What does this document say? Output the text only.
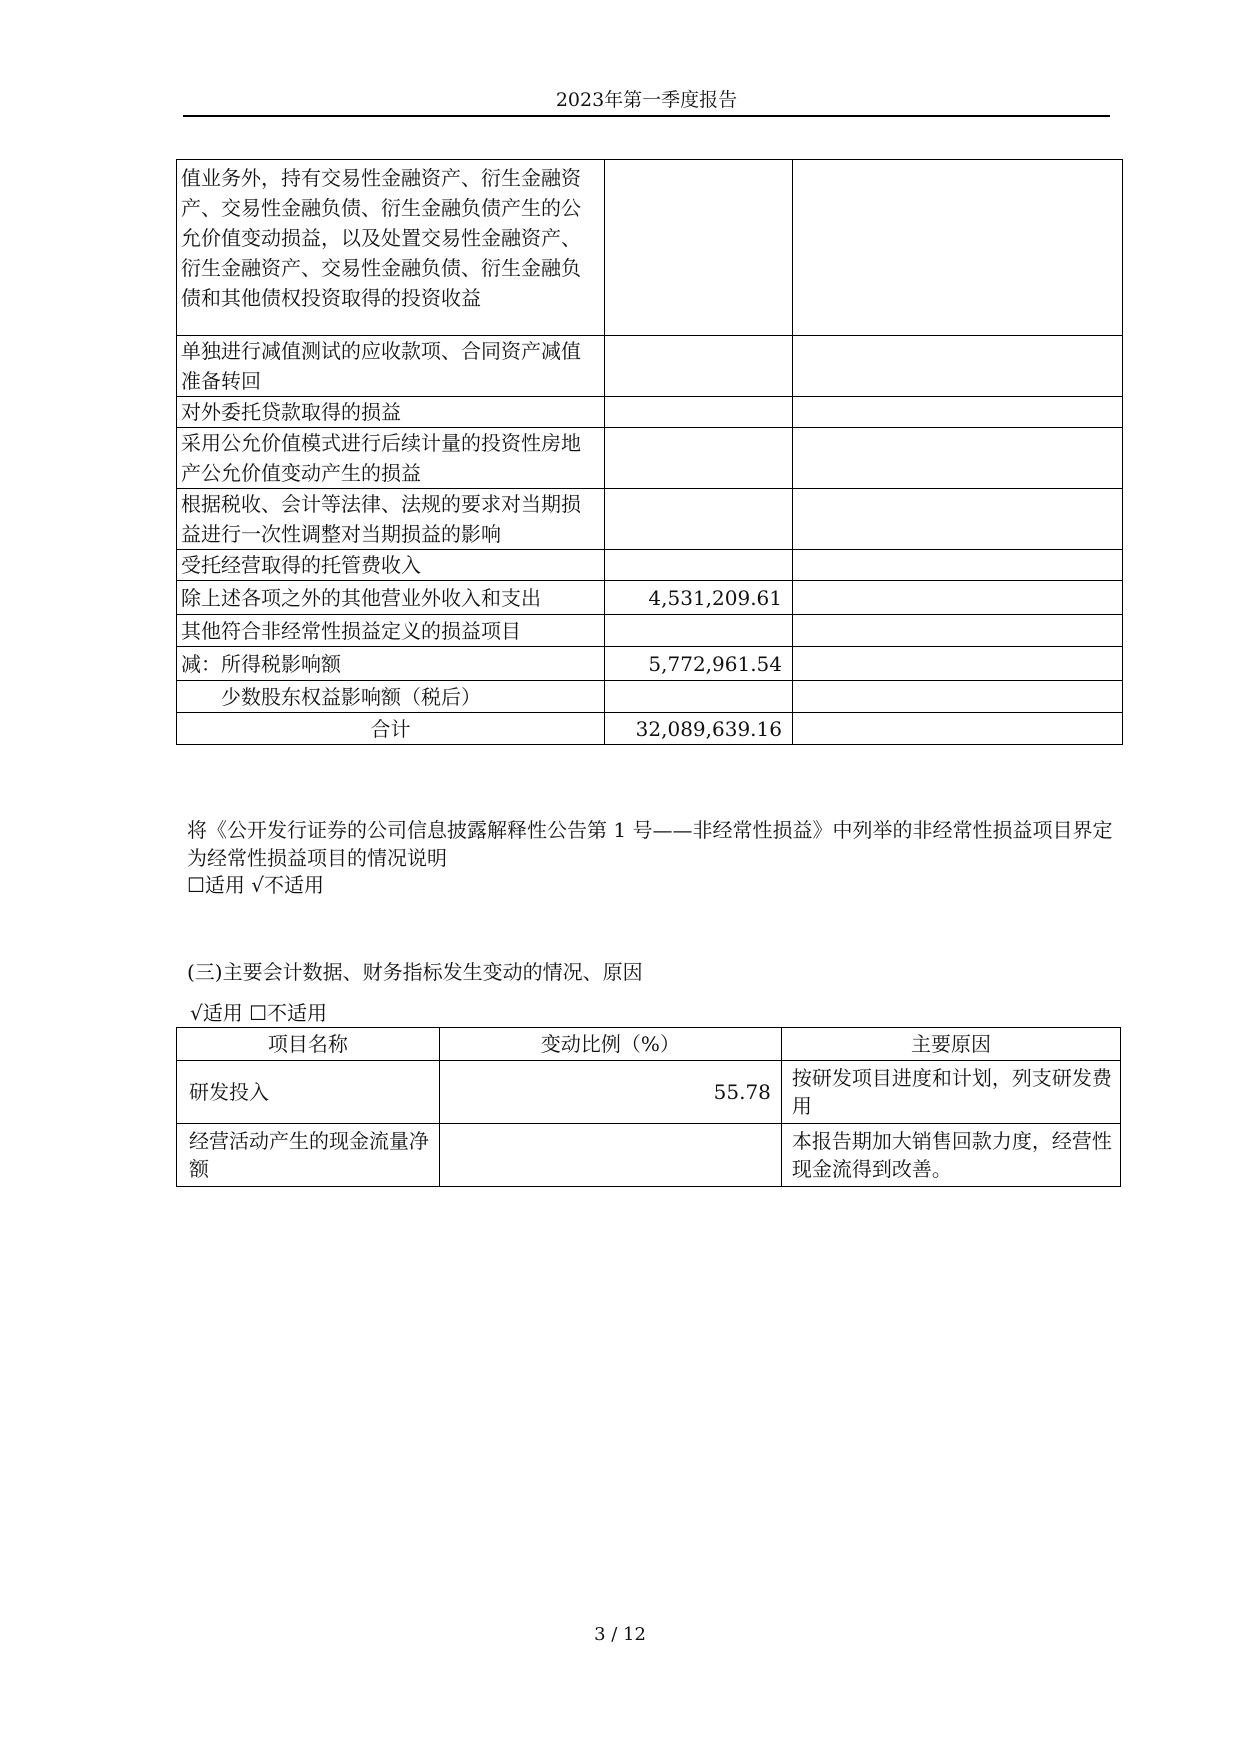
2023年第一季度报告
值业务外，持有交易性金融资产、衍生金融资产、交易性金融负债、衍生金融负债产生的公允价值变动损益，以及处置交易性金融资产、衍生金融资产、交易性金融负债、衍生金融负债和其他债权投资取得的投资收益		
单独进行减值测试的应收款项、合同资产减值准备转回		
对外委托贷款取得的损益		
采用公允价值模式进行后续计量的投资性房地产公允价值变动产生的损益		
根据税收、会计等法律、法规的要求对当期损益进行一次性调整对当期损益的影响		
受托经营取得的托管费收入		
除上述各项之外的其他营业外收入和支出	4,531,209.61	
其他符合非经常性损益定义的损益项目		
减：所得税影响额	5,772,961.54	
少数股东权益影响额（税后）		
合计	32,089,639.16	
将《公开发行证券的公司信息披露解释性公告第 1 号——非经常性损益》中列举的非经常性损益项目界定为经常性损益项目的情况说明
☐适用 √不适用
(三)主要会计数据、财务指标发生变动的情况、原因
√适用 ☐不适用
项目名称	变动比例（%）	主要原因
研发投入	55.78	按研发项目进度和计划，列支研发费用
经营活动产生的现金流量净额		本报告期加大销售回款力度，经营性现金流得到改善。
3 / 12
